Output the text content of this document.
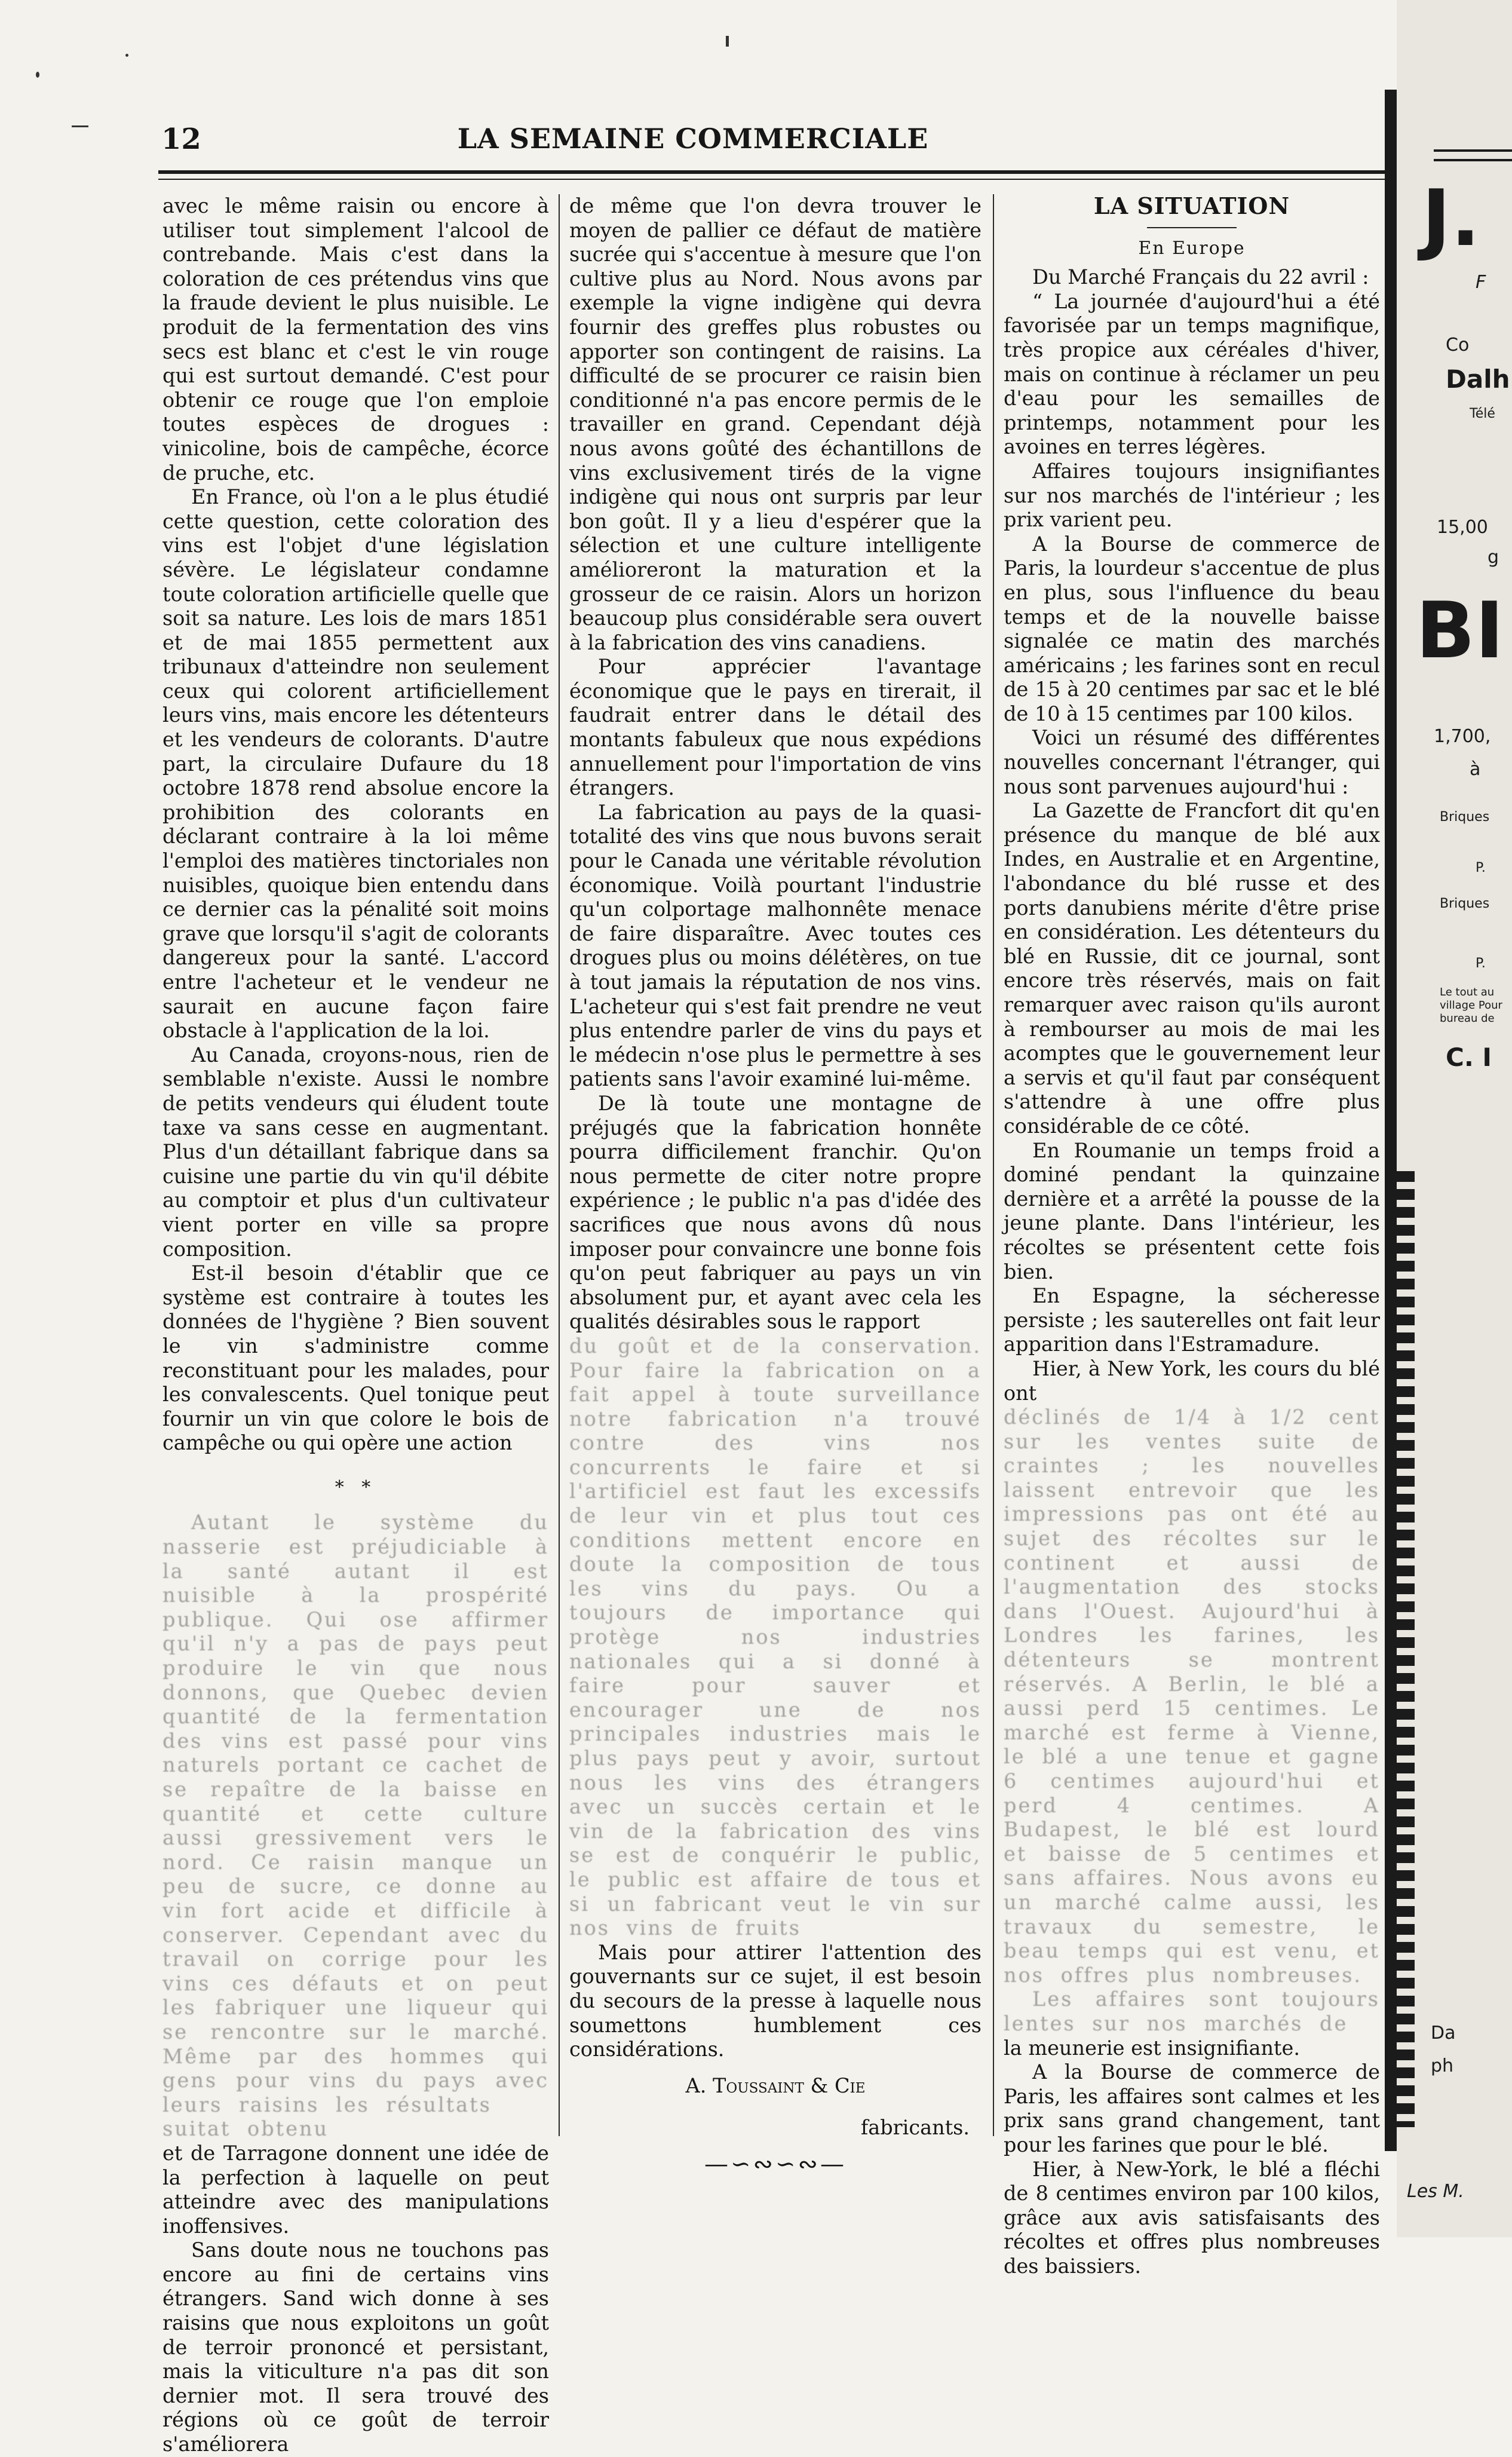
12	LA SEMAINE COMMERCIALE

avec le même raisin ou encore à utiliser tout simplement l'alcool de contrebande. Mais c'est dans la coloration de ces prétendus vins que la fraude devient le plus nuisible. Le produit de la fermentation des vins secs est blanc et c'est le vin rouge qui est surtout demandé. C'est pour obtenir ce rouge que l'on emploie toutes espèces de drogues : vinicoline, bois de campêche, écorce de pruche, etc.

En France, où l'on a le plus étudié cette question, cette coloration des vins est l'objet d'une législation sévère. Le législateur condamne toute coloration artificielle quelle que soit sa nature. Les lois de mars 1851 et de mai 1855 permettent aux tribunaux d'atteindre non seulement ceux qui colorent artificiellement leurs vins, mais encore les détenteurs et les vendeurs de colorants. D'autre part, la circulaire Dufaure du 18 octobre 1878 rend absolue encore la prohibition des colorants en déclarant contraire à la loi même l'emploi des matières tinctoriales non nuisibles, quoique bien entendu dans ce dernier cas la pénalité soit moins grave que lorsqu'il s'agit de colorants dangereux pour la santé. L'accord entre l'acheteur et le vendeur ne saurait en aucune façon faire obstacle à l'application de la loi.

Au Canada, croyons-nous, rien de semblable n'existe. Aussi le nombre de petits vendeurs qui éludent toute taxe va sans cesse en augmentant. Plus d'un détaillant fabrique dans sa cuisine une partie du vin qu'il débite au comptoir et plus d'un cultivateur vient porter en ville sa propre composition.

Est-il besoin d'établir que ce système est contraire à toutes les données de l'hygiène ? Bien souvent le vin s'administre comme reconstituant pour les malades, pour les convalescents. Quel tonique peut fournir un vin que colore le bois de campêche ou qui opère une action

* *

Autant le système du nasserie est préjudiciable à la santé autant il est nuisible à la prospérité publique. Qui ose affirmer qu'il n'y a pas de pays peut produire le vin que nous donnons, que Quebec devien quantité de la fermentation des vins est passé pour vins naturels portant ce cachet de se repaître de la baisse en quantité et cette culture aussi gressivement vers le nord. Ce raisin manque un peu de sucre, ce donne au vin fort acide et difficile à conserver. Cependant avec du travail on corrige pour les vins ces défauts et on peut les fabriquer une liqueur qui se rencontre sur le marché. Même par des hommes qui gens pour vins du pays avec leurs raisins les résultats

suitat obtenu

et de Tarragone donnent une idée de la perfection à laquelle on peut atteindre avec des manipulations inoffensives.

Sans doute nous ne touchons pas encore au fini de certains vins étrangers. Sand wich donne à ses raisins que nous exploitons un goût de terroir prononcé et persistant, mais la viticulture n'a pas dit son dernier mot. Il sera trouvé des régions où ce goût de terroir s'améliorera

de même que l'on devra trouver le moyen de pallier ce défaut de matière sucrée qui s'accentue à mesure que l'on cultive plus au Nord. Nous avons par exemple la vigne indigène qui devra fournir des greffes plus robustes ou apporter son contingent de raisins. La difficulté de se procurer ce raisin bien conditionné n'a pas encore permis de le travailler en grand. Cependant déjà nous avons goûté des échantillons de vins exclusivement tirés de la vigne indigène qui nous ont surpris par leur bon goût. Il y a lieu d'espérer que la sélection et une culture intelligente amélioreront la maturation et la grosseur de ce raisin. Alors un horizon beaucoup plus considérable sera ouvert à la fabrication des vins canadiens.

Pour apprécier l'avantage économique que le pays en tirerait, il faudrait entrer dans le détail des montants fabuleux que nous expédions annuellement pour l'importation de vins étrangers.

La fabrication au pays de la quasi-totalité des vins que nous buvons serait pour le Canada une véritable révolution économique. Voilà pourtant l'industrie qu'un colportage malhonnête menace de faire disparaître. Avec toutes ces drogues plus ou moins délétères, on tue à tout jamais la réputation de nos vins. L'acheteur qui s'est fait prendre ne veut plus entendre parler de vins du pays et le médecin n'ose plus le permettre à ses patients sans l'avoir examiné lui-même.

De là toute une montagne de préjugés que la fabrication honnête pourra difficilement franchir. Qu'on nous permette de citer notre propre expérience ; le public n'a pas d'idée des sacrifices que nous avons dû nous imposer pour convaincre une bonne fois qu'on peut fabriquer au pays un vin absolument pur, et ayant avec cela les qualités désirables sous le rapport

du goût et de la conservation. Pour faire la fabrication on a fait appel à toute surveillance notre fabrication n'a trouvé contre des vins nos concurrents le faire et si l'artificiel est faut les excessifs de leur vin et plus tout ces conditions mettent encore en doute la composition de tous les vins du pays. Ou a toujours de importance qui protège nos industries nationales qui a si donné à faire pour sauver et encourager une de nos principales industries mais le plus pays peut y avoir, surtout nous les vins des étrangers avec un succès certain et le vin de la fabrication des vins se est de conquérir le public, le public est affaire de tous et si un fabricant veut le vin sur nos vins de fruits

Mais pour attirer l'attention des gouvernants sur ce sujet, il est besoin du secours de la presse à laquelle nous soumettons humblement ces considérations.

A. Toussaint & Cie
fabricants.
—∽∾∽∾—
LA SITUATION
En Europe

Du Marché Français du 22 avril :

“ La journée d'aujourd'hui a été favorisée par un temps magnifique, très propice aux céréales d'hiver, mais on continue à réclamer un peu d'eau pour les semailles de printemps, notamment pour les avoines en terres légères.

Affaires toujours insignifiantes sur nos marchés de l'intérieur ; les prix varient peu.

A la Bourse de commerce de Paris, la lourdeur s'accentue de plus en plus, sous l'influence du beau temps et de la nouvelle baisse signalée ce matin des marchés américains ; les farines sont en recul de 15 à 20 centimes par sac et le blé de 10 à 15 centimes par 100 kilos.

Voici un résumé des différentes nouvelles concernant l'étranger, qui nous sont parvenues aujourd'hui :

La Gazette de Francfort dit qu'en présence du manque de blé aux Indes, en Australie et en Argentine, l'abondance du blé russe et des ports danubiens mérite d'être prise en considération. Les détenteurs du blé en Russie, dit ce journal, sont encore très réservés, mais on fait remarquer avec raison qu'ils auront à rembourser au mois de mai les acomptes que le gouvernement leur a servis et qu'il faut par conséquent s'attendre à une offre plus considérable de ce côté.

En Roumanie un temps froid a dominé pendant la quinzaine dernière et a arrêté la pousse de la jeune plante. Dans l'intérieur, les récoltes se présentent cette fois bien.

En Espagne, la sécheresse persiste ; les sauterelles ont fait leur apparition dans l'Estramadure.

Hier, à New York, les cours du blé ont

déclinés de 1/4 à 1/2 cent sur les ventes suite de craintes ; les nouvelles laissent entrevoir que les impressions pas ont été au sujet des récoltes sur le continent et aussi de l'augmentation des stocks dans l'Ouest. Aujourd'hui à Londres les farines, les détenteurs se montrent réservés. A Berlin, le blé a aussi perd 15 centimes. Le marché est ferme à Vienne, le blé a une tenue et gagne 6 centimes aujourd'hui et perd 4 centimes. A Budapest, le blé est lourd et baisse de 5 centimes et sans affaires. Nous avons eu un marché calme aussi, les travaux du semestre, le beau temps qui est venu, et nos offres plus nombreuses.

Les affaires sont toujours lentes sur nos marchés de

la meunerie est insignifiante.

A la Bourse de commerce de Paris, les affaires sont calmes et les prix sans grand changement, tant pour les farines que pour le blé.

Hier, à New-York, le blé a fléchi de 8 centimes environ par 100 kilos, grâce aux avis satisfaisants des récoltes et offres plus nombreuses des baissiers.

J.
F
Co
Dalh
Télé
15,00
g
BI
1,700,
à
Briques
P.
Briques
P.
Le tout au village Pour bureau de
C. I
Da
ph
Les M.
